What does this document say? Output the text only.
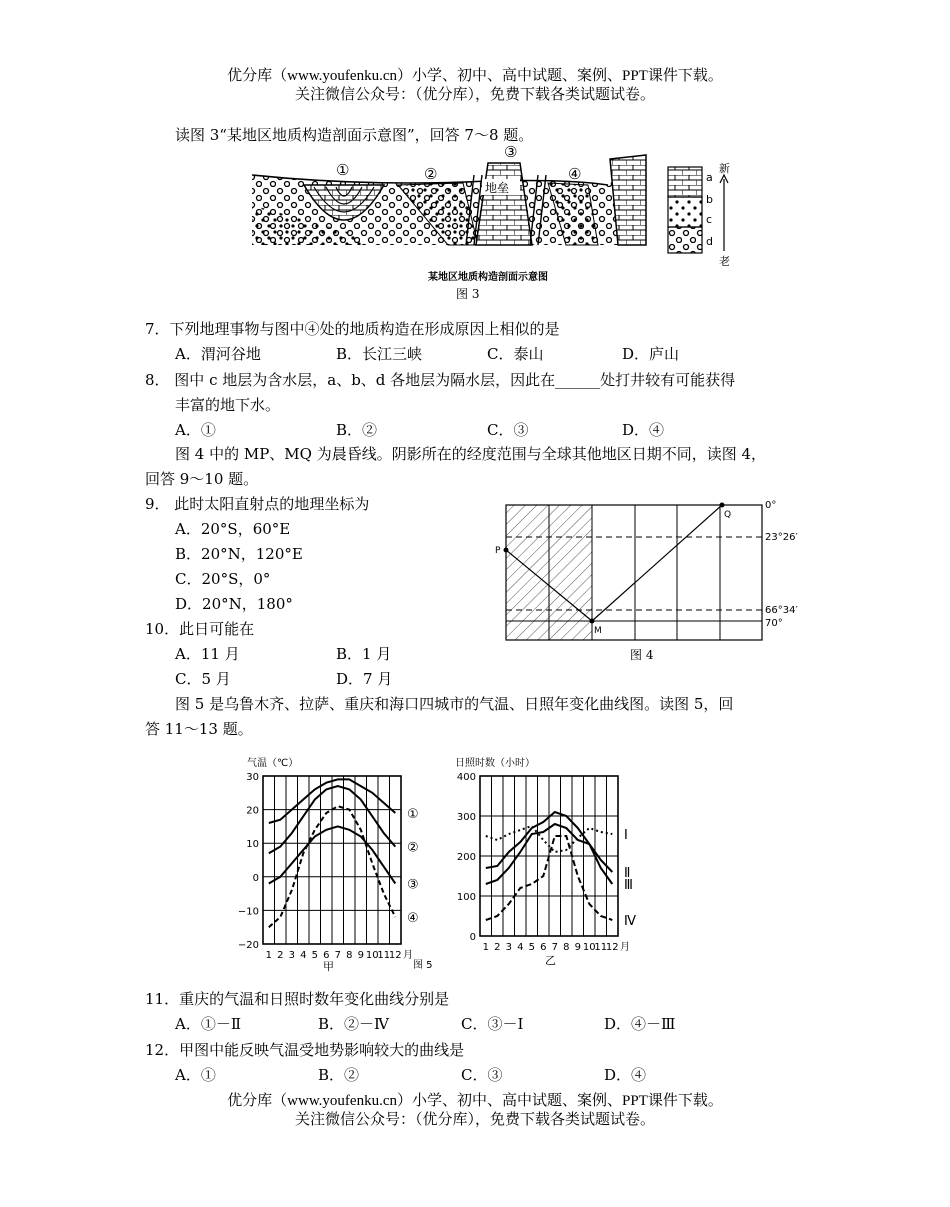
优分库（www.youfenku.cn）小学、初中、高中试题、案例、PPT课件下载。
关注微信公众号：（优分库），免费下载各类试题试卷。
读图 3“某地区地质构造剖面示意图”，回答 7～8 题。
①	②
③
④
地垒
a
b
c
d
新
老
某地区地质构造剖面示意图
图 3
7．下列地理事物与图中④处的地质构造在形成原因上相似的是
A．渭河谷地	B．长江三峡	C．泰山	D．庐山
8． 图中 c 地层为含水层，a、b、d 各地层为隔水层，因此在______处打井较有可能获得
丰富的地下水。
A．①	B．②	C．③	D．④
图 4 中的 MP、MQ 为晨昏线。阴影所在的经度范围与全球其他地区日期不同，读图 4，
回答 9～10 题。
9． 此时太阳直射点的地理坐标为
A．20°S，60°E
B．20°N，120°E
C．20°S，0°
D．20°N，180°
P
Q
M
0°
23°26′
66°34′
70°
图 4
10．此日可能在
A．11 月	B．1 月
C．5 月	D．7 月
图 5 是乌鲁木齐、拉萨、重庆和海口四城市的气温、日照年变化曲线图。读图 5，回
答 11～13 题。
气温（℃）
30
20
10
0
−10
−20
1 2 3 4 5 6 7 8 9 10
11
12 月
①
②
③
④
甲	图 5
日照时数（小时）
400
300
200
100
0
1 2 3 4 5 6 7 8 9 10
11
12 月
Ⅰ
Ⅱ
Ⅲ
Ⅳ
乙
11．重庆的气温和日照时数年变化曲线分别是
A．①－Ⅱ	B．②－Ⅳ	C．③－Ⅰ	D．④－Ⅲ
12．甲图中能反映气温受地势影响较大的曲线是
A．①	B．②	C．③	D．④
优分库（www.youfenku.cn）小学、初中、高中试题、案例、PPT课件下载。
关注微信公众号：（优分库），免费下载各类试题试卷。
